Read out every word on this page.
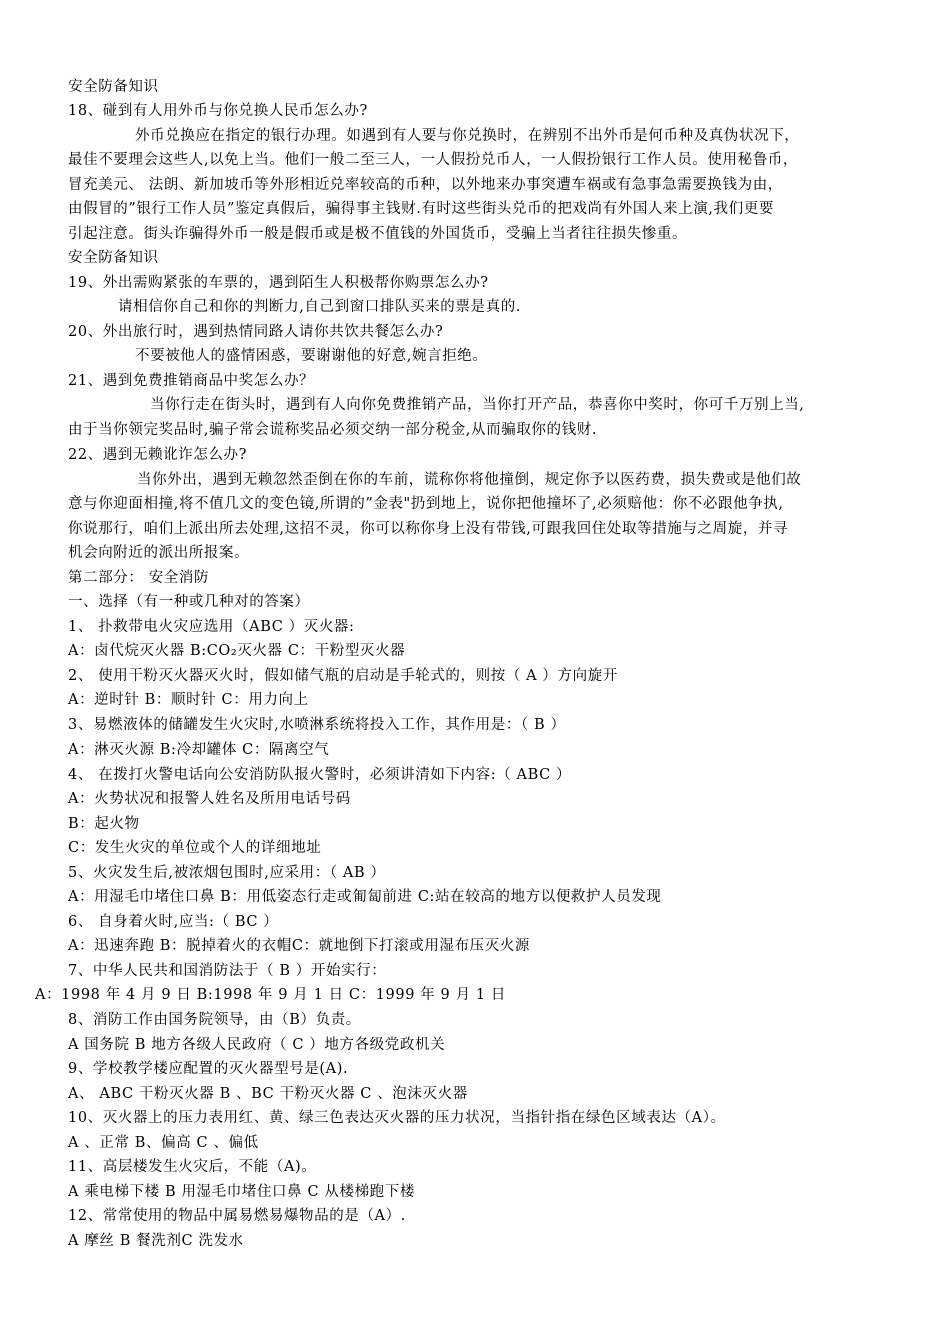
安全防备知识
18、碰到有人用外币与你兑换人民币怎么办?
外币兑换应在指定的银行办理。如遇到有人要与你兑换时，在辨别不出外币是何币种及真伪状况下，
最佳不要理会这些人,以免上当。他们一般二至三人，一人假扮兑币人，一人假扮银行工作人员。使用秘鲁币，
冒充美元、 法朗、新加坡币等外形相近兑率较高的币种，以外地来办事突遭车祸或有急事急需要换钱为由，
由假冒的”银行工作人员”鉴定真假后，骗得事主钱财.有时这些街头兑币的把戏尚有外国人来上演,我们更要
引起注意。街头诈骗得外币一般是假币或是极不值钱的外国货币，受骗上当者往往损失惨重。
安全防备知识
19、外出需购紧张的车票的，遇到陌生人积极帮你购票怎么办?
请相信你自己和你的判断力,自己到窗口排队买来的票是真的.
20、外出旅行时，遇到热情同路人请你共饮共餐怎么办?
不要被他人的盛情困惑，要谢谢他的好意,婉言拒绝。
21、遇到免费推销商品中奖怎么办？
当你行走在街头时，遇到有人向你免费推销产品，当你打开产品，恭喜你中奖时，你可千万别上当,
由于当你领完奖品时,骗子常会谎称奖品必须交纳一部分税金,从而骗取你的钱财.
22、遇到无赖讹诈怎么办?
当你外出，遇到无赖忽然歪倒在你的车前，谎称你将他撞倒，规定你予以医药费，损失费或是他们故
意与你迎面相撞,将不值几文的变色镜,所谓的”金表"扔到地上，说你把他撞坏了,必须赔他：你不必跟他争执,
你说那行，咱们上派出所去处理,这招不灵，你可以称你身上没有带钱,可跟我回住处取等措施与之周旋，并寻
机会向附近的派出所报案。
第二部分： 安全消防
一、选择（有一种或几种对的答案）
1、 扑救带电火灾应选用（ABC ）灭火器:
A：卤代烷灭火器 B:CO₂灭火器 C：干粉型灭火器
2、 使用干粉灭火器灭火时，假如储气瓶的启动是手轮式的，则按（ A ）方向旋开
A：逆时针 B：顺时针 C：用力向上
3、易燃液体的储罐发生火灾时,水喷淋系统将投入工作，其作用是：（ B ）
A：淋灭火源 B:冷却罐体 C：隔离空气
4、 在拨打火警电话向公安消防队报火警时，必须讲清如下内容:（ ABC ）
A：火势状况和报警人姓名及所用电话号码
B：起火物
C：发生火灾的单位或个人的详细地址
5、火灾发生后,被浓烟包围时,应采用：（ AB ）
A：用湿毛巾堵住口鼻 B：用低姿态行走或匍匐前进 C:站在较高的地方以便救护人员发现
6、 自身着火时,应当:（ BC ）
A：迅速奔跑 B：脱掉着火的衣帽C：就地倒下打滚或用湿布压灭火源
7、中华人民共和国消防法于（ B ）开始实行：
A：1998 年 4 月 9 日 B:1998 年 9 月 1 日 C：1999 年 9 月 1 日
8、消防工作由国务院领导，由（B）负责。
A 国务院 B 地方各级人民政府（ C ）地方各级党政机关
9、学校教学楼应配置的灭火器型号是(A).
A、 ABC 干粉灭火器 B 、BC 干粉灭火器 C 、泡沫灭火器
10、灭火器上的压力表用红、黄、绿三色表达灭火器的压力状况，当指针指在绿色区域表达（A）。
A 、正常 B、偏高 C 、偏低
11、高层楼发生火灾后，不能（A)。
A 乘电梯下楼 B 用湿毛巾堵住口鼻 C 从楼梯跑下楼
12、常常使用的物品中属易燃易爆物品的是（A）.
A 摩丝 B 餐洗剂C 洗发水
